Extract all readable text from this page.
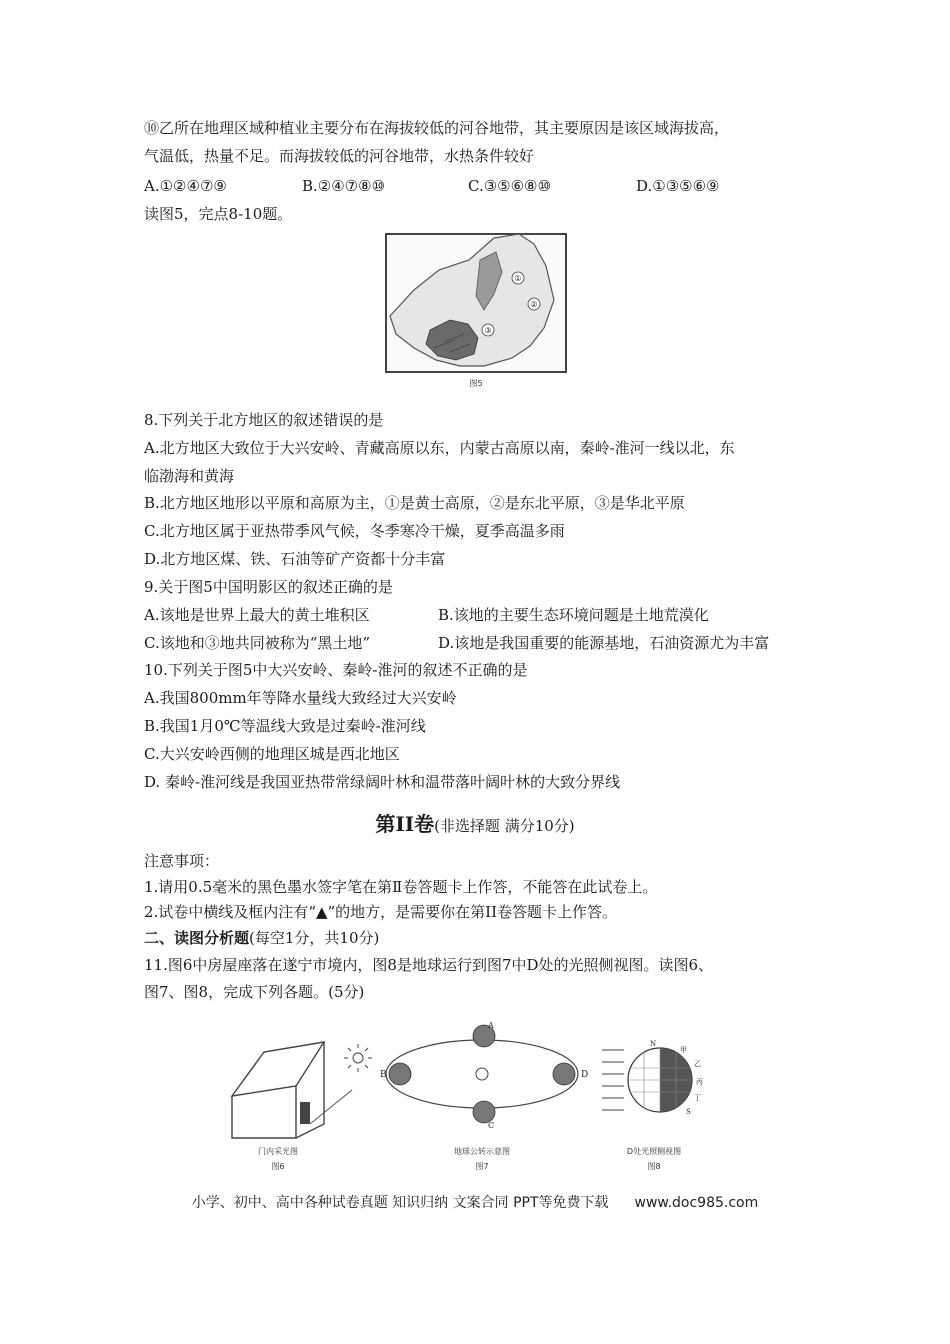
⑩乙所在地理区域种植业主要分布在海拔较低的河谷地带，其主要原因是该区域海拔高，
气温低，热量不足。而海拔较低的河谷地带，水热条件较好
A.①②④⑦⑨	B.②④⑦⑧⑩	C.③⑤⑥⑧⑩	D.①③⑤⑥⑨
读图5，完点8-10题。
①
②
③
图5
8.下列关于北方地区的叙述错误的是
A.北方地区大致位于大兴安岭、青藏高原以东，内蒙古高原以南，秦岭-淮河一线以北，东
临渤海和黄海
B.北方地区地形以平原和高原为主，①是黄士高原，②是东北平原，③是华北平原
C.北方地区属于亚热带季风气候，冬季寒冷干燥，夏季高温多雨
D.北方地区煤、铁、石油等矿产资都十分丰富
9.关于图5中国明影区的叙述正确的是
A.该地是世界上最大的黄土堆积区	B.该地的主要生态环境问题是土地荒漠化
C.该地和③地共同被称为“黑土地”	D.该地是我国重要的能源基地，石油资源尤为丰富
10.下列关于图5中大兴安岭、秦岭-淮河的叙述不正确的是
A.我国800mm年等降水量线大致经过大兴安岭
B.我国1月0℃等温线大致是过秦岭-淮河线
C.大兴安岭西侧的地理区城是西北地区
D. 秦岭-淮河线是我国亚热带常绿阔叶林和温带落叶阔叶林的大致分界线
第II卷(非选择题 满分10分)
注意事项：
1.请用0.5毫米的黑色墨水签字笔在第Ⅱ卷答题卡上作答，不能答在此试卷上。
2.试卷中横线及框内注有“▲”的地方，是需要你在第II卷答题卡上作答。
二、读图分析题(每空1分，共10分)
11.图6中房屋座落在遂宁市境内，图8是地球运行到图7中D处的光照侧视图。读图6、
图7、图8，完成下列各题。(5分)
门内采光图
图6
A
B
C
D
地球公转示意图
图7
N
甲
乙
丙
丁
S
D处光照侧视图
图8
小学、初中、高中各种试卷真题 知识归纳 文案合同 PPT等免费下载 www.doc985.com
